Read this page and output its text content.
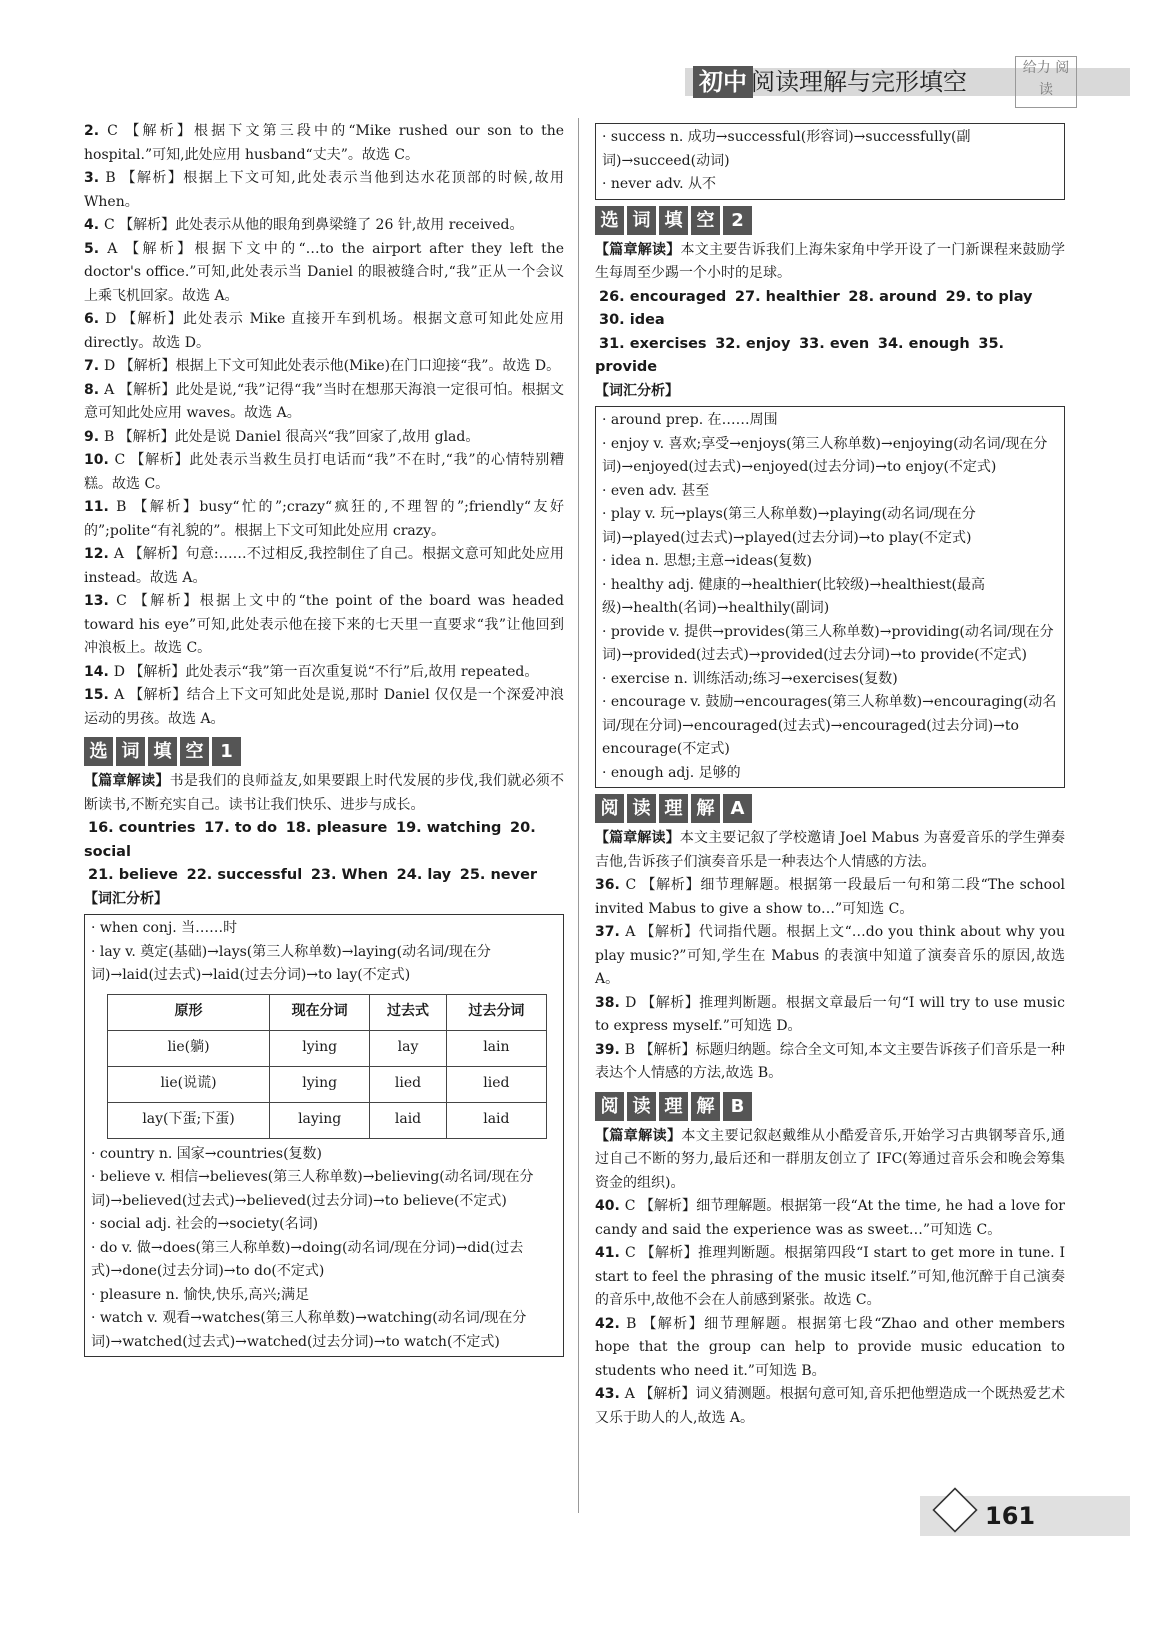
初中 阅读理解与完形填空	给力 阅读

2. C 【解析】根据下文第三段中的“Mike rushed our son to the hospital.”可知,此处应用 husband“丈夫”。故选 C。

3. B 【解析】根据上下文可知,此处表示当他到达水花顶部的时候,故用 When。

4. C 【解析】此处表示从他的眼角到鼻梁缝了 26 针,故用 received。

5. A 【解析】根据下文中的“…to the airport after they left the doctor's office.”可知,此处表示当 Daniel 的眼被缝合时,“我”正从一个会议上乘飞机回家。故选 A。

6. D 【解析】此处表示 Mike 直接开车到机场。根据文意可知此处应用 directly。故选 D。

7. D 【解析】根据上下文可知此处表示他(Mike)在门口迎接“我”。故选 D。

8. A 【解析】此处是说,“我”记得“我”当时在想那天海浪一定很可怕。根据文意可知此处应用 waves。故选 A。

9. B 【解析】此处是说 Daniel 很高兴“我”回家了,故用 glad。

10. C 【解析】此处表示当救生员打电话而“我”不在时,“我”的心情特别糟糕。故选 C。

11. B 【解析】busy“忙的”;crazy“疯狂的,不理智的”;friendly“友好的”;polite“有礼貌的”。根据上下文可知此处应用 crazy。

12. A 【解析】句意:……不过相反,我控制住了自己。根据文意可知此处应用 instead。故选 A。

13. C 【解析】根据上文中的“the point of the board was headed toward his eye”可知,此处表示他在接下来的七天里一直要求“我”让他回到冲浪板上。故选 C。

14. D 【解析】此处表示“我”第一百次重复说“不行”后,故用 repeated。

15. A 【解析】结合上下文可知此处是说,那时 Daniel 仅仅是一个深爱冲浪运动的男孩。故选 A。

选 词 填 空 1

【篇章解读】书是我们的良师益友,如果要跟上时代发展的步伐,我们就必须不断读书,不断充实自己。读书让我们快乐、进步与成长。

16. countries 17. to do 18. pleasure 19. watching 20. social
21. believe 22. successful 23. When 24. lay 25. never
【词汇分析】

· when conj. 当……时

· lay v. 奠定(基础)→lays(第三人称单数)→laying(动名词/现在分词)→laid(过去式)→laid(过去分词)→to lay(不定式)

原形	现在分词	过去式	过去分词
lie(躺)	lying	lay	lain
lie(说谎)	lying	lied	lied
lay(下蛋;下蛋)	laying	laid	laid

· country n. 国家→countries(复数)

· believe v. 相信→believes(第三人称单数)→believing(动名词/现在分词)→believed(过去式)→believed(过去分词)→to believe(不定式)

· social adj. 社会的→society(名词)

· do v. 做→does(第三人称单数)→doing(动名词/现在分词)→did(过去式)→done(过去分词)→to do(不定式)

· pleasure n. 愉快,快乐,高兴;满足

· watch v. 观看→watches(第三人称单数)→watching(动名词/现在分词)→watched(过去式)→watched(过去分词)→to watch(不定式)

· success n. 成功→successful(形容词)→successfully(副词)→succeed(动词)

· never adv. 从不

选 词 填 空 2

【篇章解读】本文主要告诉我们上海朱家角中学开设了一门新课程来鼓励学生每周至少踢一个小时的足球。

26. encouraged 27. healthier 28. around 29. to play 30. idea
31. exercises 32. enjoy 33. even 34. enough 35. provide
【词汇分析】

· around prep. 在……周围

· enjoy v. 喜欢;享受→enjoys(第三人称单数)→enjoying(动名词/现在分词)→enjoyed(过去式)→enjoyed(过去分词)→to enjoy(不定式)

· even adv. 甚至

· play v. 玩→plays(第三人称单数)→playing(动名词/现在分词)→played(过去式)→played(过去分词)→to play(不定式)

· idea n. 思想;主意→ideas(复数)

· healthy adj. 健康的→healthier(比较级)→healthiest(最高级)→health(名词)→healthily(副词)

· provide v. 提供→provides(第三人称单数)→providing(动名词/现在分词)→provided(过去式)→provided(过去分词)→to provide(不定式)

· exercise n. 训练活动;练习→exercises(复数)

· encourage v. 鼓励→encourages(第三人称单数)→encouraging(动名词/现在分词)→encouraged(过去式)→encouraged(过去分词)→to encourage(不定式)

· enough adj. 足够的

阅 读 理 解 A

【篇章解读】本文主要记叙了学校邀请 Joel Mabus 为喜爱音乐的学生弹奏吉他,告诉孩子们演奏音乐是一种表达个人情感的方法。

36. C 【解析】细节理解题。根据第一段最后一句和第二段“The school invited Mabus to give a show to…”可知选 C。

37. A 【解析】代词指代题。根据上文“…do you think about why you play music?”可知,学生在 Mabus 的表演中知道了演奏音乐的原因,故选 A。

38. D 【解析】推理判断题。根据文章最后一句“I will try to use music to express myself.”可知选 D。

39. B 【解析】标题归纳题。综合全文可知,本文主要告诉孩子们音乐是一种表达个人情感的方法,故选 B。

阅 读 理 解 B

【篇章解读】本文主要记叙赵戴维从小酷爱音乐,开始学习古典钢琴音乐,通过自己不断的努力,最后还和一群朋友创立了 IFC(筹通过音乐会和晚会筹集资金的组织)。

40. C 【解析】细节理解题。根据第一段“At the time, he had a love for candy and said the experience was as sweet…”可知选 C。

41. C 【解析】推理判断题。根据第四段“I start to get more in tune. I start to feel the phrasing of the music itself.”可知,他沉醉于自己演奏的音乐中,故他不会在人前感到紧张。故选 C。

42. B 【解析】细节理解题。根据第七段“Zhao and other members hope that the group can help to provide music education to students who need it.”可知选 B。

43. A 【解析】词义猜测题。根据句意可知,音乐把他塑造成一个既热爱艺术又乐于助人的人,故选 A。

161
